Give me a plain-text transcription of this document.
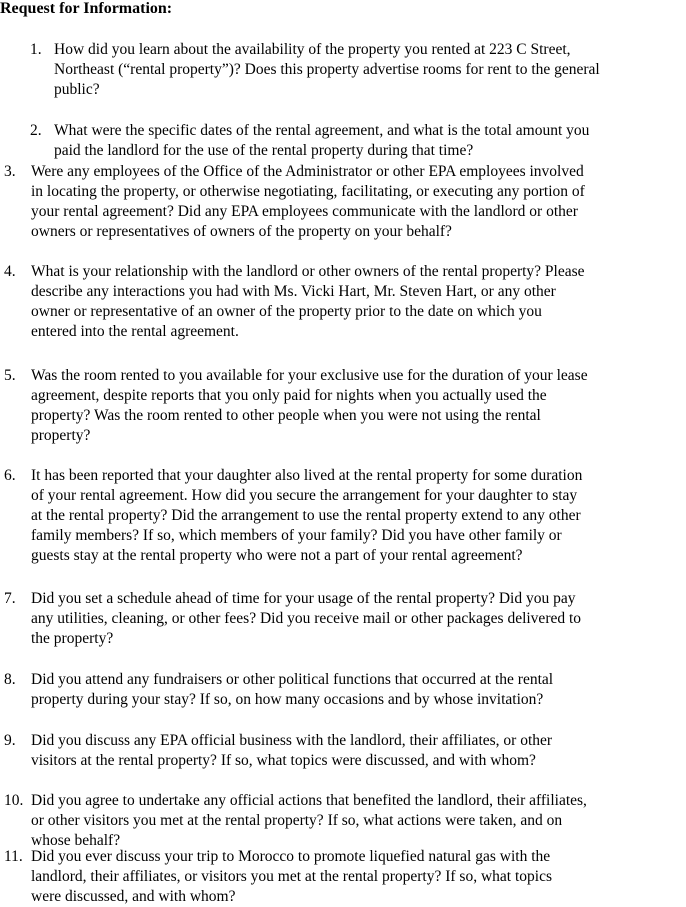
Request for Information:
1. How did you learn about the availability of the property you rented at 223 C Street,
Northeast (“rental property”)? Does this property advertise rooms for rent to the general
public?
2. What were the specific dates of the rental agreement, and what is the total amount you
paid the landlord for the use of the rental property during that time?
3. Were any employees of the Office of the Administrator or other EPA employees involved
in locating the property, or otherwise negotiating, facilitating, or executing any portion of
your rental agreement? Did any EPA employees communicate with the landlord or other
owners or representatives of owners of the property on your behalf?
4. What is your relationship with the landlord or other owners of the rental property? Please
describe any interactions you had with Ms. Vicki Hart, Mr. Steven Hart, or any other
owner or representative of an owner of the property prior to the date on which you
entered into the rental agreement.
5. Was the room rented to you available for your exclusive use for the duration of your lease
agreement, despite reports that you only paid for nights when you actually used the
property? Was the room rented to other people when you were not using the rental
property?
6. It has been reported that your daughter also lived at the rental property for some duration
of your rental agreement. How did you secure the arrangement for your daughter to stay
at the rental property? Did the arrangement to use the rental property extend to any other
family members? If so, which members of your family? Did you have other family or
guests stay at the rental property who were not a part of your rental agreement?
7. Did you set a schedule ahead of time for your usage of the rental property? Did you pay
any utilities, cleaning, or other fees? Did you receive mail or other packages delivered to
the property?
8. Did you attend any fundraisers or other political functions that occurred at the rental
property during your stay? If so, on how many occasions and by whose invitation?
9. Did you discuss any EPA official business with the landlord, their affiliates, or other
visitors at the rental property? If so, what topics were discussed, and with whom?
10. Did you agree to undertake any official actions that benefited the landlord, their affiliates,
or other visitors you met at the rental property? If so, what actions were taken, and on
whose behalf?
11. Did you ever discuss your trip to Morocco to promote liquefied natural gas with the
landlord, their affiliates, or visitors you met at the rental property? If so, what topics
were discussed, and with whom?
